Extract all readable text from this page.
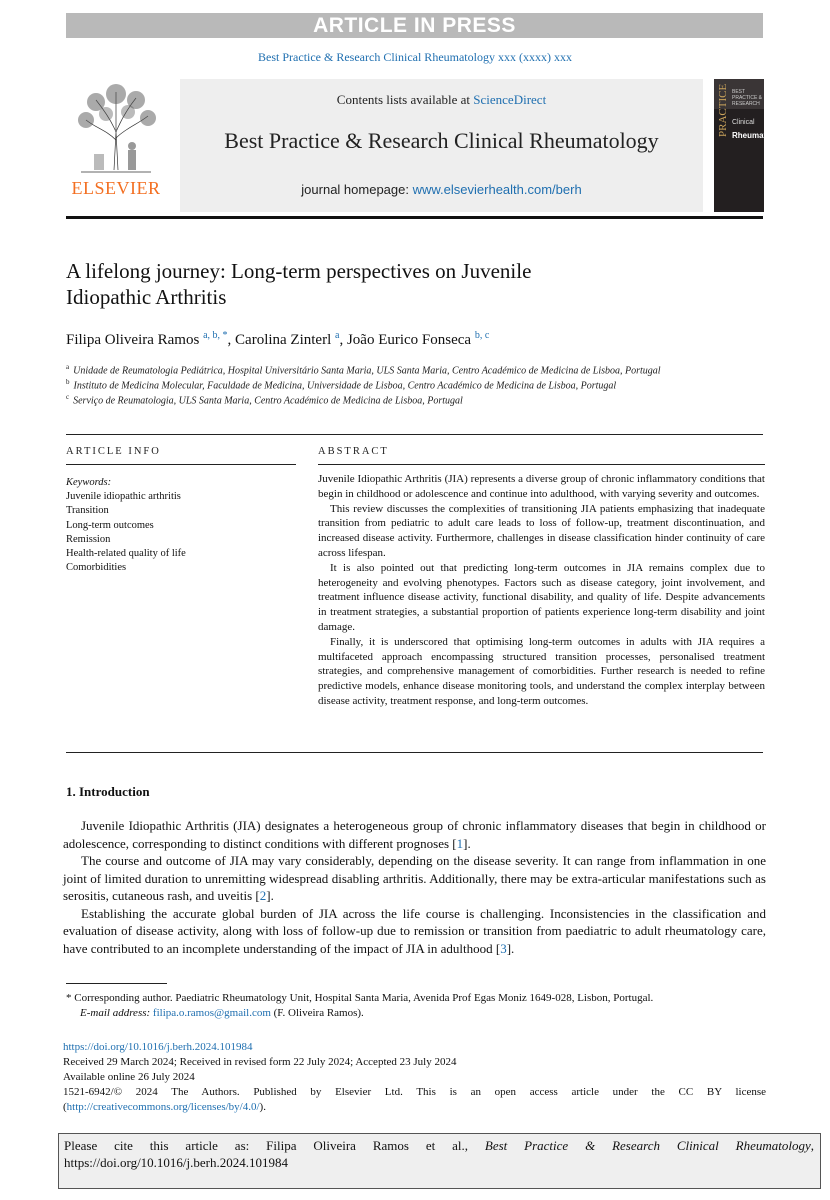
ARTICLE IN PRESS
Best Practice & Research Clinical Rheumatology xxx (xxxx) xxx
ELSEVIER
Contents lists available at ScienceDirect
Best Practice & Research Clinical Rheumatology
journal homepage: www.elsevierhealth.com/berh
BEST PRACTICE & RESEARCH
Clinical
Rheumatology
PRACTICE
A lifelong journey: Long-term perspectives on Juvenile
Idiopathic Arthritis
Filipa Oliveira Ramos $^{a, b, *}$, Carolina Zinterl $^a$, João Eurico Fonseca $^{b, c}$
$^a$ Unidade de Reumatologia Pediátrica, Hospital Universitário Santa Maria, ULS Santa Maria, Centro Académico de Medicina de Lisboa, Portugal
$^b$ Instituto de Medicina Molecular, Faculdade de Medicina, Universidade de Lisboa, Centro Académico de Medicina de Lisboa, Portugal
$^c$ Serviço de Reumatologia, ULS Santa Maria, Centro Académico de Medicina de Lisboa, Portugal
ARTICLE INFO	ABSTRACT
Keywords:
Juvenile idiopathic arthritis
Transition
Long-term outcomes
Remission
Health-related quality of life
Comorbidities

Juvenile Idiopathic Arthritis (JIA) represents a diverse group of chronic inflammatory conditions that begin in childhood or adolescence and continue into adulthood, with varying severity and outcomes.

This review discusses the complexities of transitioning JIA patients emphasizing that inadequate transition from pediatric to adult care leads to loss of follow-up, treatment discontinuation, and increased disease activity. Furthermore, challenges in disease classification hinder continuity of care across lifespan.

It is also pointed out that predicting long-term outcomes in JIA remains complex due to heterogeneity and evolving phenotypes. Factors such as disease category, joint involvement, and treatment influence disease activity, functional disability, and quality of life. Despite advancements in treatment strategies, a substantial proportion of patients experience long-term disability and joint damage.

Finally, it is underscored that optimising long-term outcomes in adults with JIA requires a multifaceted approach encompassing structured transition processes, personalised treatment strategies, and comprehensive management of comorbidities. Further research is needed to refine predictive models, enhance disease monitoring tools, and understand the complex interplay between disease activity, treatment response, and long-term outcomes.

1. Introduction

Juvenile Idiopathic Arthritis (JIA) designates a heterogeneous group of chronic inflammatory diseases that begin in childhood or adolescence, corresponding to distinct conditions with different prognoses [1].

The course and outcome of JIA may vary considerably, depending on the disease severity. It can range from inflammation in one joint of limited duration to unremitting widespread disabling arthritis. Additionally, there may be extra-articular manifestations such as serositis, cutaneous rash, and uveitis [2].

Establishing the accurate global burden of JIA across the life course is challenging. Inconsistencies in the classification and evaluation of disease activity, along with loss of follow-up due to remission or transition from paediatric to adult rheumatology care, have contributed to an incomplete understanding of the impact of JIA in adulthood [3].

* Corresponding author. Paediatric Rheumatology Unit, Hospital Santa Maria, Avenida Prof Egas Moniz 1649-028, Lisbon, Portugal.
E-mail address: filipa.o.ramos@gmail.com (F. Oliveira Ramos).
https://doi.org/10.1016/j.berh.2024.101984
Received 29 March 2024; Received in revised form 22 July 2024; Accepted 23 July 2024
Available online 26 July 2024
1521-6942/© 2024 The Authors. Published by Elsevier Ltd. This is an open access article under the CC BY license
(http://creativecommons.org/licenses/by/4.0/).
Please cite this article as: Filipa Oliveira Ramos et al., Best Practice & Research Clinical Rheumatology,
https://doi.org/10.1016/j.berh.2024.101984
